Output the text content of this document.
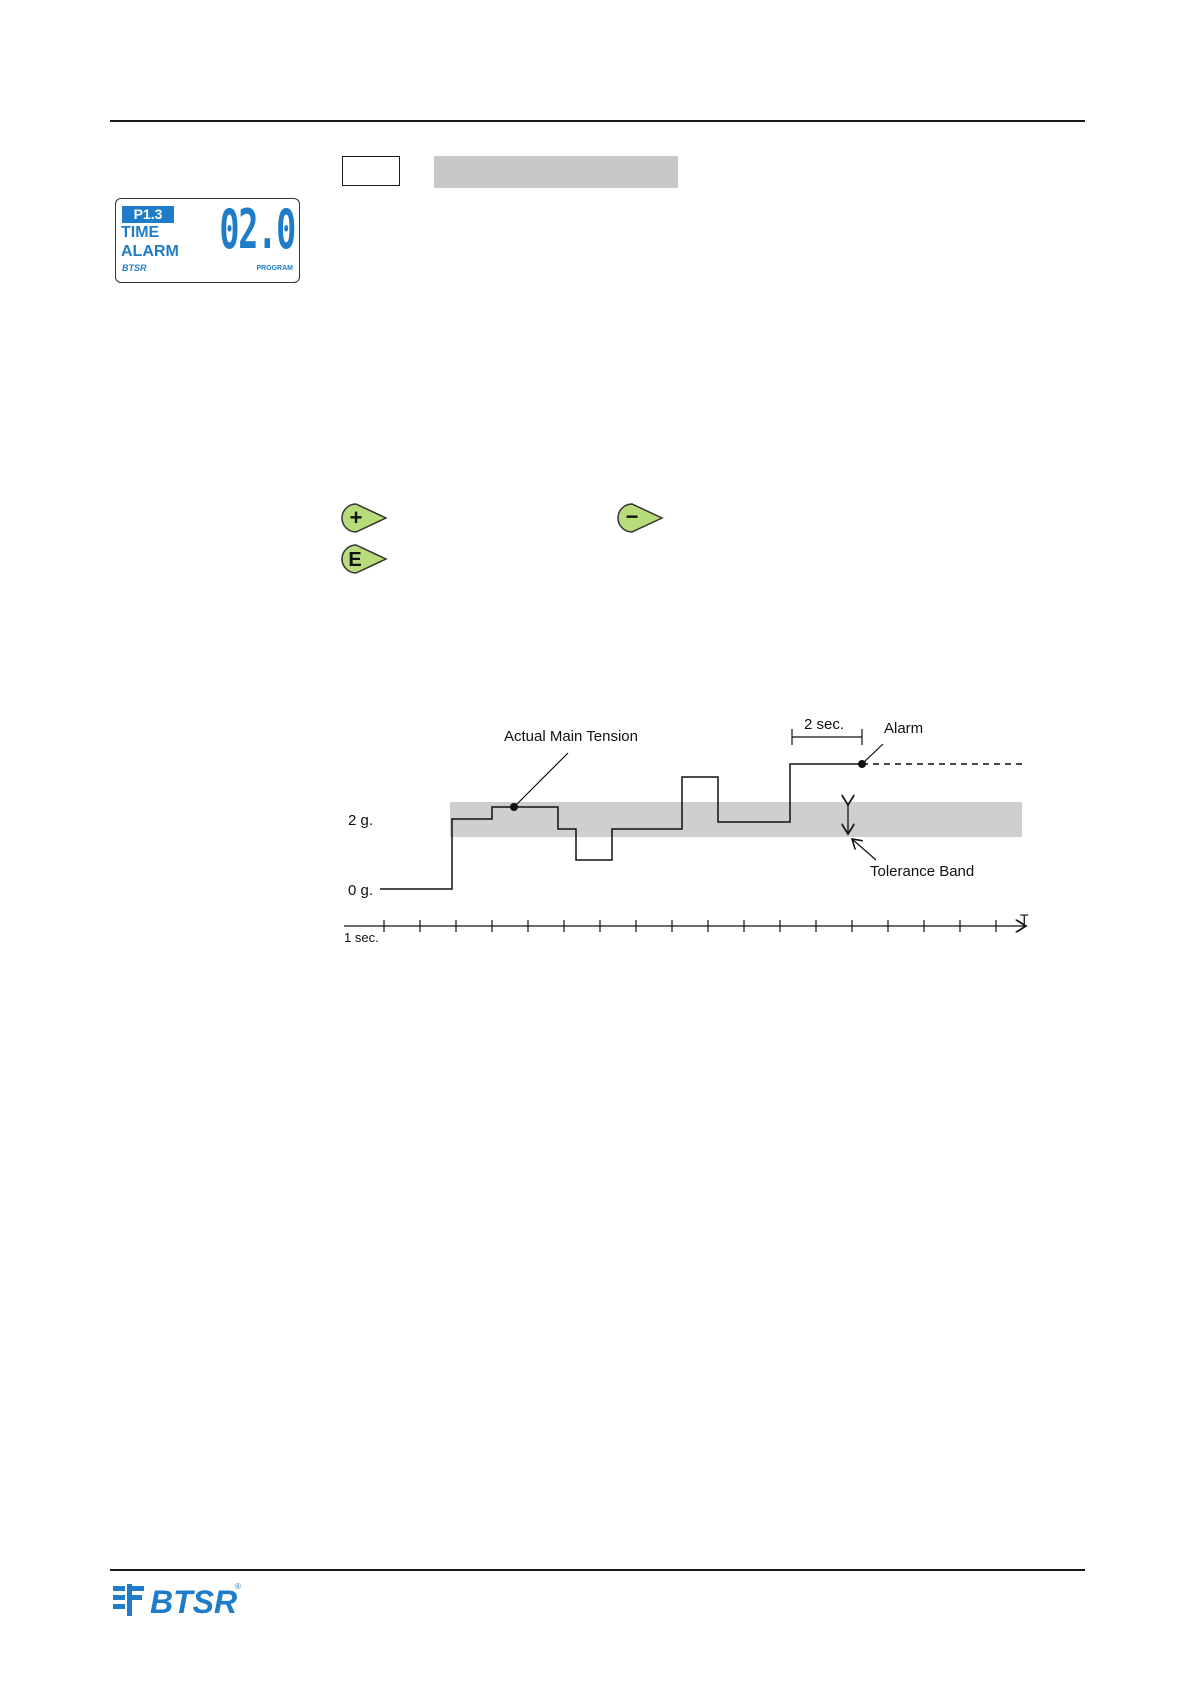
P1.3
TIME
ALARM
BTSR
02.0
PROGRAM
+	−
E
Actual Main Tension
2 sec.	Alarm
Tolerance Band
2 g.
0 g.
1 sec.
T
BTSR
®
